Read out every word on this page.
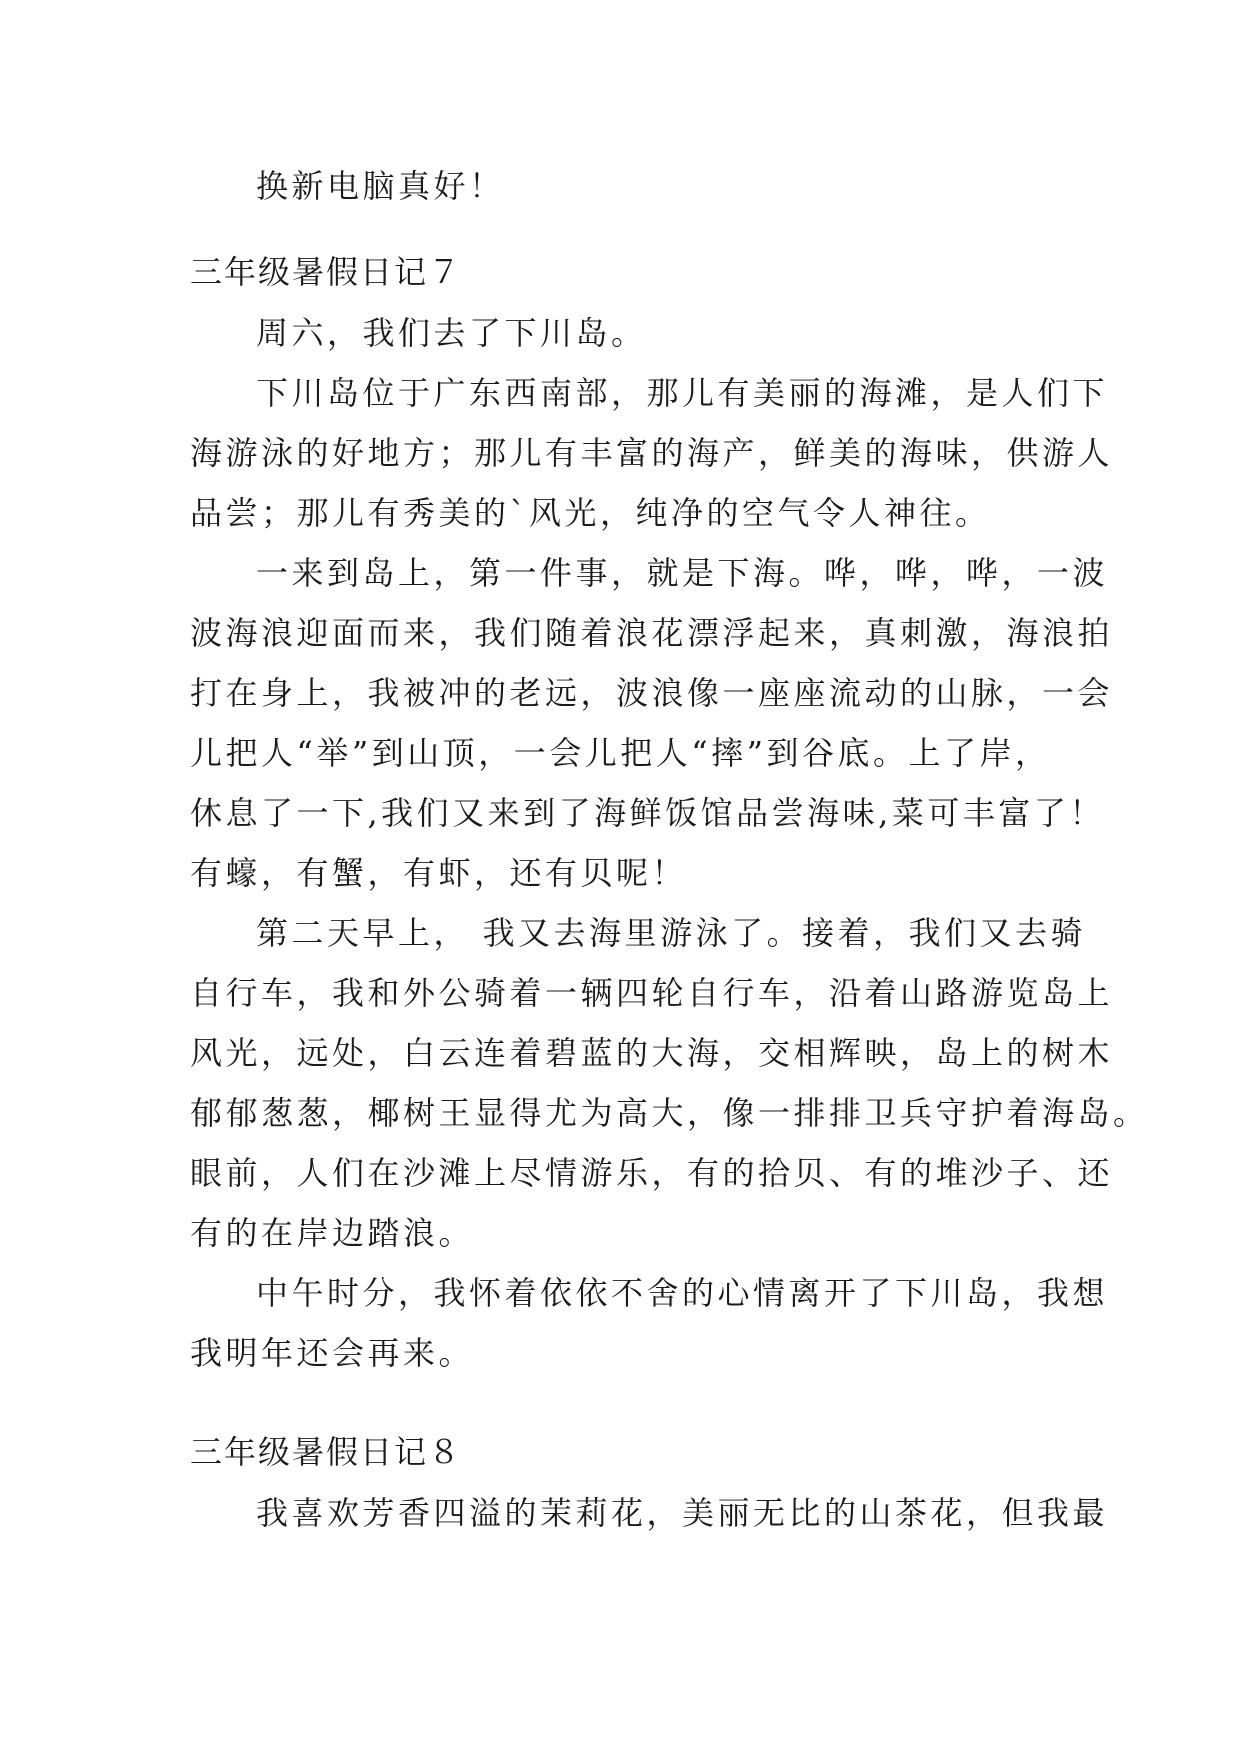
换新电脑真好！

三年级暑假日记７

周六，我们去了下川岛。

下川岛位于广东西南部，那儿有美丽的海滩，是人们下

海游泳的好地方；那儿有丰富的海产，鲜美的海味，供游人

品尝；那儿有秀美的`风光，纯净的空气令人神往。

一来到岛上，第一件事，就是下海。哗，哗，哗，一波

波海浪迎面而来，我们随着浪花漂浮起来，真刺激，海浪拍

打在身上，我被冲的老远，波浪像一座座流动的山脉，一会

儿把人“举”到山顶，一会儿把人“摔”到谷底。上了岸，

休息了一下,我们又来到了海鲜饭馆品尝海味,菜可丰富了！

有蠔，有蟹，有虾，还有贝呢！

第二天早上， 我又去海里游泳了。接着，我们又去骑

自行车，我和外公骑着一辆四轮自行车，沿着山路游览岛上

风光，远处，白云连着碧蓝的大海，交相辉映，岛上的树木

郁郁葱葱，椰树王显得尤为高大，像一排排卫兵守护着海岛。

眼前，人们在沙滩上尽情游乐，有的拾贝、有的堆沙子、还

有的在岸边踏浪。

中午时分，我怀着依依不舍的心情离开了下川岛，我想

我明年还会再来。

三年级暑假日记８

我喜欢芳香四溢的茉莉花，美丽无比的山茶花，但我最
